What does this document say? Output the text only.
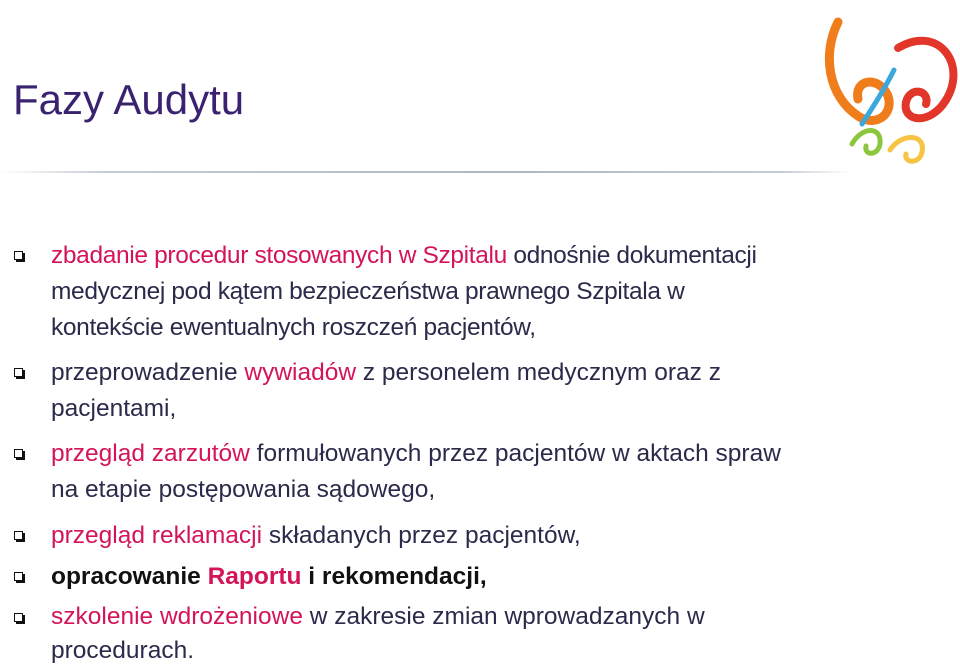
Fazy Audytu
zbadanie procedur stosowanych w Szpitalu odnośnie dokumentacji
medycznej pod kątem bezpieczeństwa prawnego Szpitala w
kontekście ewentualnych roszczeń pacjentów,
przeprowadzenie wywiadów z personelem medycznym oraz z
pacjentami,
przegląd zarzutów formułowanych przez pacjentów w aktach spraw
na etapie postępowania sądowego,
przegląd reklamacji składanych przez pacjentów,
opracowanie Raportu i rekomendacji,
szkolenie wdrożeniowe w zakresie zmian wprowadzanych w
procedurach.
